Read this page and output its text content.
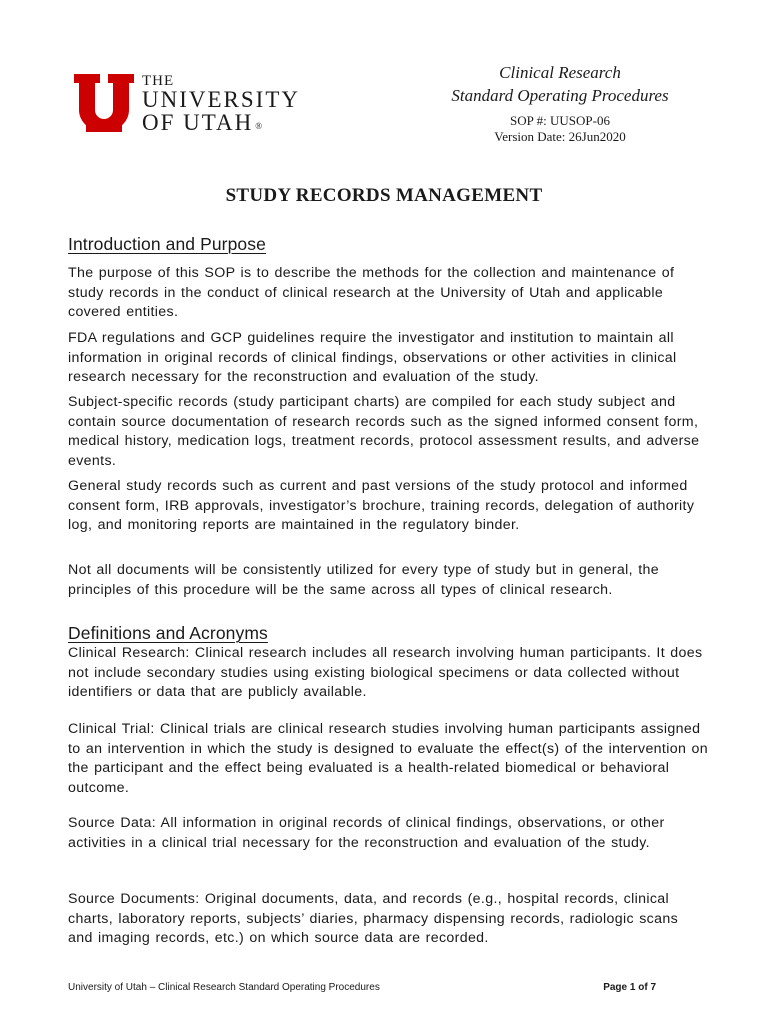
THE
UNIVERSITY
OF UTAH ®
Clinical Research
Standard Operating Procedures
SOP #: UUSOP-06
Version Date: 26Jun2020
STUDY RECORDS MANAGEMENT
Introduction and Purpose

The purpose of this SOP is to describe the methods for the collection and maintenance of study records in the conduct of clinical research at the University of Utah and applicable covered entities.

FDA regulations and GCP guidelines require the investigator and institution to maintain all information in original records of clinical findings, observations or other activities in clinical research necessary for the reconstruction and evaluation of the study.

Subject-specific records (study participant charts) are compiled for each study subject and contain source documentation of research records such as the signed informed consent form, medical history, medication logs, treatment records, protocol assessment results, and adverse events.

General study records such as current and past versions of the study protocol and informed consent form, IRB approvals, investigator’s brochure, training records, delegation of authority log, and monitoring reports are maintained in the regulatory binder.

Not all documents will be consistently utilized for every type of study but in general, the principles of this procedure will be the same across all types of clinical research.

Definitions and Acronyms

Clinical Research: Clinical research includes all research involving human participants. It does not include secondary studies using existing biological specimens or data collected without identifiers or data that are publicly available.

Clinical Trial: Clinical trials are clinical research studies involving human participants assigned to an intervention in which the study is designed to evaluate the effect(s) of the intervention on the participant and the effect being evaluated is a health-related biomedical or behavioral outcome.

Source Data: All information in original records of clinical findings, observations, or other activities in a clinical trial necessary for the reconstruction and evaluation of the study.

Source Documents: Original documents, data, and records (e.g., hospital records, clinical charts, laboratory reports, subjects’ diaries, pharmacy dispensing records, radiologic scans and imaging records, etc.) on which source data are recorded.

University of Utah – Clinical Research Standard Operating Procedures	Page 1 of 7
